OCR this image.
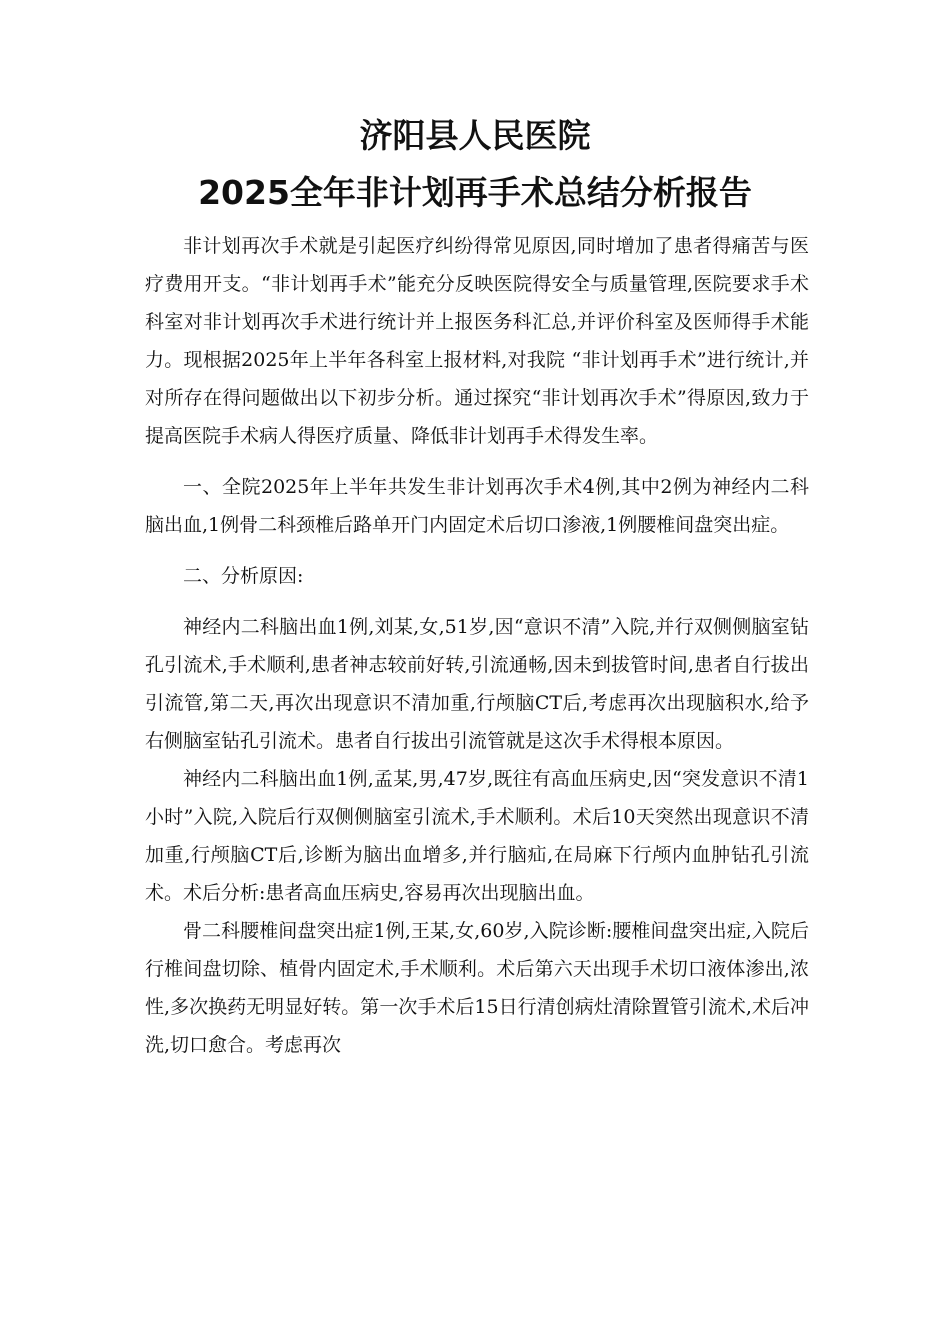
济阳县人民医院
2025全年非计划再手术总结分析报告

非计划再次手术就是引起医疗纠纷得常见原因,同时增加了患者得痛苦与医疗费用开支。“非计划再手术”能充分反映医院得安全与质量管理,医院要求手术科室对非计划再次手术进行统计并上报医务科汇总,并评价科室及医师得手术能力。现根据2025年上半年各科室上报材料,对我院 “非计划再手术”进行统计,并对所存在得问题做出以下初步分析。通过探究“非计划再次手术”得原因,致力于提高医院手术病人得医疗质量、降低非计划再手术得发生率。

一、全院2025年上半年共发生非计划再次手术4例,其中2例为神经内二科脑出血,1例骨二科颈椎后路单开门内固定术后切口渗液,1例腰椎间盘突出症。

二、分析原因:

神经内二科脑出血1例,刘某,女,51岁,因“意识不清”入院,并行双侧侧脑室钻孔引流术,手术顺利,患者神志较前好转,引流通畅,因未到拔管时间,患者自行拔出引流管,第二天,再次出现意识不清加重,行颅脑CT后,考虑再次出现脑积水,给予右侧脑室钻孔引流术。患者自行拔出引流管就是这次手术得根本原因。

神经内二科脑出血1例,孟某,男,47岁,既往有高血压病史,因“突发意识不清1小时”入院,入院后行双侧侧脑室引流术,手术顺利。术后10天突然出现意识不清加重,行颅脑CT后,诊断为脑出血增多,并行脑疝,在局麻下行颅内血肿钻孔引流术。术后分析:患者高血压病史,容易再次出现脑出血。

骨二科腰椎间盘突出症1例,王某,女,60岁,入院诊断:腰椎间盘突出症,入院后行椎间盘切除、植骨内固定术,手术顺利。术后第六天出现手术切口液体渗出,浓性,多次换药无明显好转。第一次手术后15日行清创病灶清除置管引流术,术后冲洗,切口愈合。考虑再次
